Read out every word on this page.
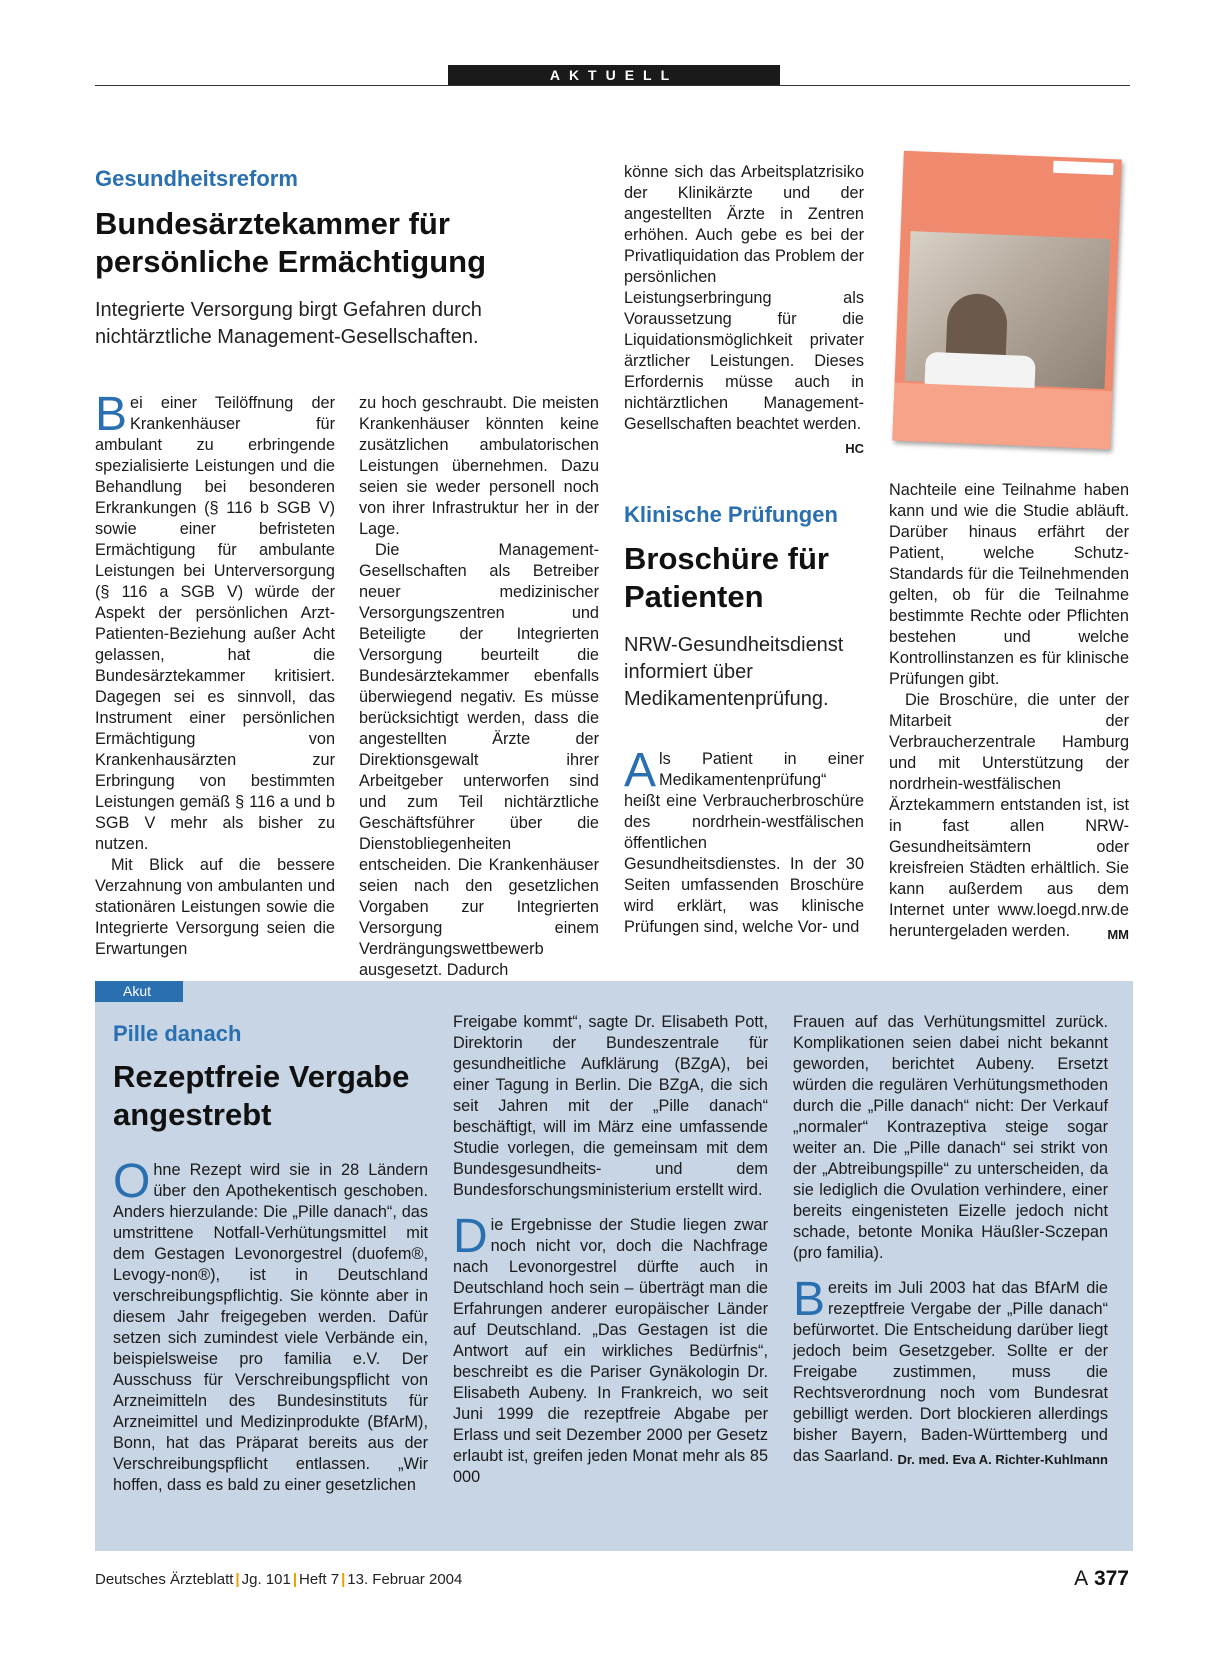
AKTUELL
Gesundheitsreform
Bundesärztekammer für persönliche Ermächtigung
Integrierte Versorgung birgt Gefahren durch nichtärztliche Management-Gesellschaften.

Bei einer Teilöffnung der Krankenhäuser für ambulant zu erbringende spezialisierte Leistungen und die Behandlung bei besonderen Erkrankungen (§ 116 b SGB V) sowie einer befristeten Ermächtigung für ambulante Leistungen bei Unterversorgung (§ 116 a SGB V) würde der Aspekt der persönlichen Arzt-Patienten-Beziehung außer Acht gelassen, hat die Bundesärztekammer kritisiert. Dagegen sei es sinnvoll, das Instrument einer persönlichen Ermächtigung von Krankenhausärzten zur Erbringung von bestimmten Leistungen gemäß § 116 a und b SGB V mehr als bisher zu nutzen.

Mit Blick auf die bessere Verzahnung von ambulanten und stationären Leistungen sowie die Integrierte Versorgung seien die Erwartungen

zu hoch geschraubt. Die meisten Krankenhäuser könnten keine zusätzlichen ambulatorischen Leistungen übernehmen. Dazu seien sie weder personell noch von ihrer Infrastruktur her in der Lage.

Die Management-Gesellschaften als Betreiber neuer medizinischer Versorgungszentren und Beteiligte der Integrierten Versorgung beurteilt die Bundesärztekammer ebenfalls überwiegend negativ. Es müsse berücksichtigt werden, dass die angestellten Ärzte der Direktionsgewalt ihrer Arbeitgeber unterworfen sind und zum Teil nichtärztliche Geschäftsführer über die Dienstobliegenheiten entscheiden. Die Krankenhäuser seien nach den gesetzlichen Vorgaben zur Integrierten Versorgung einem Verdrängungswettbewerb ausgesetzt. Dadurch

könne sich das Arbeitsplatzrisiko der Klinikärzte und der angestellten Ärzte in Zentren erhöhen. Auch gebe es bei der Privatliquidation das Problem der persönlichen Leistungserbringung als Voraussetzung für die Liquidationsmöglichkeit privater ärztlicher Leistungen. Dieses Erfordernis müsse auch in nichtärztlichen Management-Gesellschaften beachtet werden.
HC

Klinische Prüfungen
Broschüre für Patienten
NRW-Gesundheitsdienst informiert über Medikamentenprüfung.

Als Patient in einer Medikamentenprüfung“ heißt eine Verbraucherbroschüre des nordrhein-westfälischen öffentlichen Gesundheitsdienstes. In der 30 Seiten umfassenden Broschüre wird erklärt, was klinische Prüfungen sind, welche Vor- und

Nachteile eine Teilnahme haben kann und wie die Studie abläuft. Darüber hinaus erfährt der Patient, welche Schutz-Standards für die Teilnehmenden gelten, ob für die Teilnahme bestimmte Rechte oder Pflichten bestehen und welche Kontrollinstanzen es für klinische Prüfungen gibt.

Die Broschüre, die unter der Mitarbeit der Verbraucherzentrale Hamburg und mit Unterstützung der nordrhein-westfälischen Ärztekammern entstanden ist, ist in fast allen NRW-Gesundheitsämtern oder kreisfreien Städten erhältlich. Sie kann außerdem aus dem Internet unter www.loegd.nrw.de heruntergeladen werden.	MM

Akut
Pille danach
Rezeptfreie Vergabe angestrebt

Ohne Rezept wird sie in 28 Ländern über den Apothekentisch geschoben. Anders hierzulande: Die „Pille danach“, das umstrittene Notfall-Verhütungsmittel mit dem Gestagen Levonorgestrel (duofem®, Levogy-non®), ist in Deutschland verschreibungspflichtig. Sie könnte aber in diesem Jahr freigegeben werden. Dafür setzen sich zumindest viele Verbände ein, beispielsweise pro familia e.V. Der Ausschuss für Verschreibungspflicht von Arzneimitteln des Bundesinstituts für Arzneimittel und Medizinprodukte (BfArM), Bonn, hat das Präparat bereits aus der Verschreibungspflicht entlassen. „Wir hoffen, dass es bald zu einer gesetzlichen

Freigabe kommt“, sagte Dr. Elisabeth Pott, Direktorin der Bundeszentrale für gesundheitliche Aufklärung (BZgA), bei einer Tagung in Berlin. Die BZgA, die sich seit Jahren mit der „Pille danach“ beschäftigt, will im März eine umfassende Studie vorlegen, die gemeinsam mit dem Bundesgesundheits- und dem Bundesforschungsministerium erstellt wird.

Die Ergebnisse der Studie liegen zwar noch nicht vor, doch die Nachfrage nach Levonorgestrel dürfte auch in Deutschland hoch sein – überträgt man die Erfahrungen anderer europäischer Länder auf Deutschland. „Das Gestagen ist die Antwort auf ein wirkliches Bedürfnis“, beschreibt es die Pariser Gynäkologin Dr. Elisabeth Aubeny. In Frankreich, wo seit Juni 1999 die rezeptfreie Abgabe per Erlass und seit Dezember 2000 per Gesetz erlaubt ist, greifen jeden Monat mehr als 85 000

Frauen auf das Verhütungsmittel zurück. Komplikationen seien dabei nicht bekannt geworden, berichtet Aubeny. Ersetzt würden die regulären Verhütungsmethoden durch die „Pille danach“ nicht: Der Verkauf „normaler“ Kontrazeptiva steige sogar weiter an. Die „Pille danach“ sei strikt von der „Abtreibungspille“ zu unterscheiden, da sie lediglich die Ovulation verhindere, einer bereits eingenisteten Eizelle jedoch nicht schade, betonte Monika Häußler-Sczepan (pro familia).

Bereits im Juli 2003 hat das BfArM die rezeptfreie Vergabe der „Pille danach“ befürwortet. Die Entscheidung darüber liegt jedoch beim Gesetzgeber. Sollte er der Freigabe zustimmen, muss die Rechtsverordnung noch vom Bundesrat gebilligt werden. Dort blockieren allerdings bisher Bayern, Baden-Württemberg und das Saarland. Dr. med. Eva A. Richter-Kuhlmann

Deutsches Ärzteblatt | Jg. 101 | Heft 7 | 13. Februar 2004	A 377
